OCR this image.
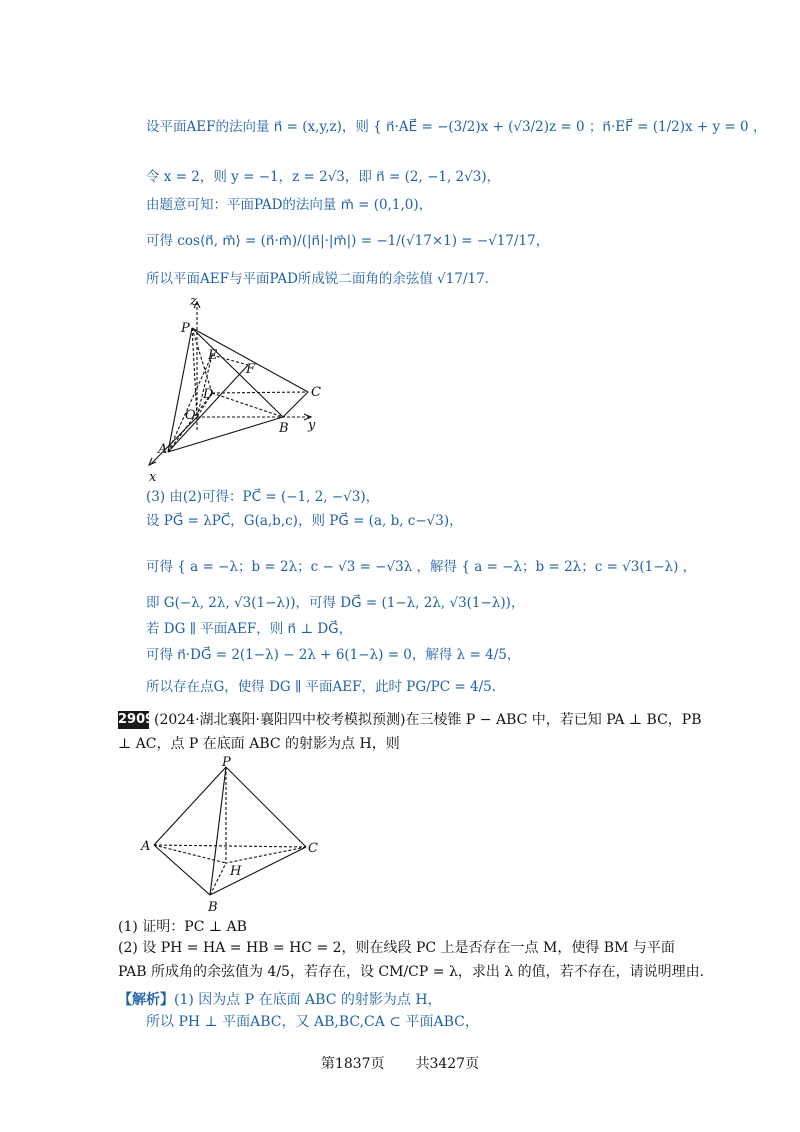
设平面AEF的法向量 n⃗ = (x,y,z)，则 { n⃗·AE⃗ = −(3/2)x + (√3/2)z = 0 ；n⃗·EF⃗ = (1/2)x + y = 0 ，
令 x = 2，则 y = −1，z = 2√3，即 n⃗ = (2, −1, 2√3)，
由题意可知：平面PAD的法向量 m⃗ = (0,1,0)，
可得 cos⟨n⃗, m⃗⟩ = (n⃗·m⃗)/(|n⃗|·|m⃗|) = −1/(√17×1) = −√17/17，
所以平面AEF与平面PAD所成锐二面角的余弦值 √17/17.
z
P
E
F
D	C
O
B y
A
x
(3) 由(2)可得：PC⃗ = (−1, 2, −√3)，
设 PG⃗ = λPC⃗，G(a,b,c)，则 PG⃗ = (a, b, c−√3)，
可得 { a = −λ；b = 2λ；c − √3 = −√3λ ，解得 { a = −λ；b = 2λ；c = √3(1−λ) ，
即 G(−λ, 2λ, √3(1−λ))，可得 DG⃗ = (1−λ, 2λ, √3(1−λ))，
若 DG ∥ 平面AEF，则 n⃗ ⊥ DG⃗，
可得 n⃗·DG⃗ = 2(1−λ) − 2λ + 6(1−λ) = 0，解得 λ = 4/5，
所以存在点G，使得 DG ∥ 平面AEF，此时 PG/PC = 4/5.
2909 (2024·湖北襄阳·襄阳四中校考模拟预测)在三棱锥 P − ABC 中，若已知 PA ⊥ BC，PB
⊥ AC，点 P 在底面 ABC 的射影为点 H，则
P
A	C
H
B
(1) 证明：PC ⊥ AB
(2) 设 PH = HA = HB = HC = 2，则在线段 PC 上是否存在一点 M，使得 BM 与平面
PAB 所成角的余弦值为 4/5，若存在，设 CM/CP = λ，求出 λ 的值，若不存在，请说明理由.
【解析】(1) 因为点 P 在底面 ABC 的射影为点 H，
所以 PH ⊥ 平面ABC，又 AB,BC,CA ⊂ 平面ABC，
第1837页 共3427页
